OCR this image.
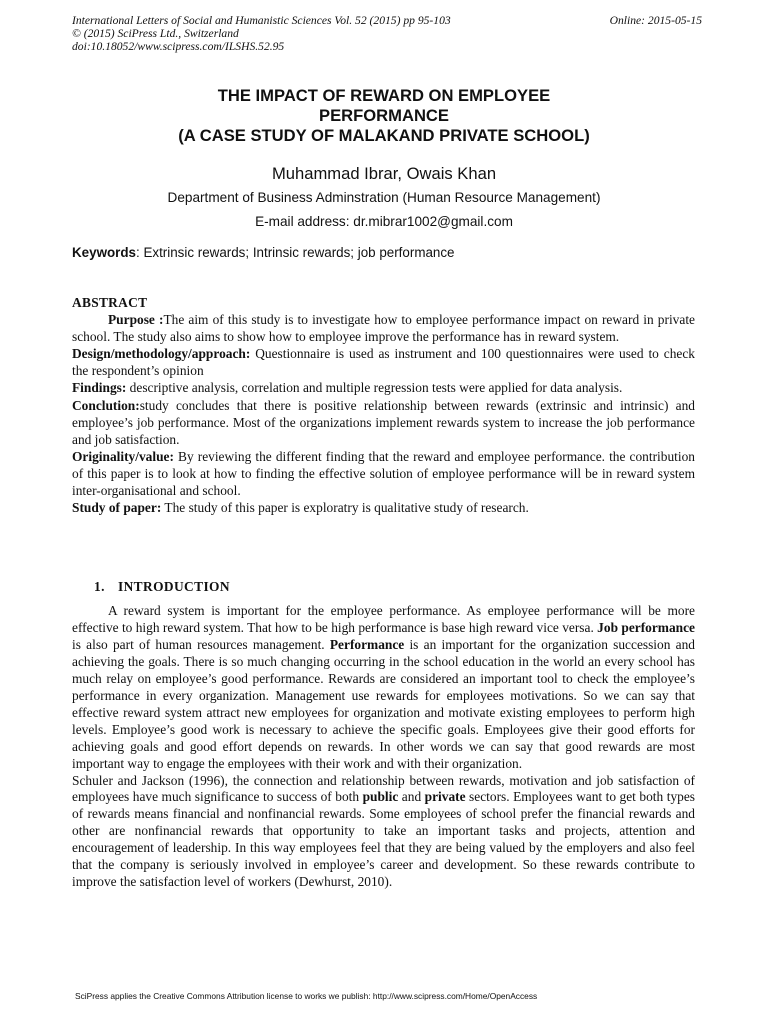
International Letters of Social and Humanistic Sciences Vol. 52 (2015) pp 95-103	Online: 2015-05-15
© (2015) SciPress Ltd., Switzerland
doi:10.18052/www.scipress.com/ILSHS.52.95
THE IMPACT OF REWARD ON EMPLOYEE
PERFORMANCE
(A CASE STUDY OF MALAKAND PRIVATE SCHOOL)
Muhammad Ibrar, Owais Khan
Department of Business Adminstration (Human Resource Management)
E-mail address: dr.mibrar1002@gmail.com
Keywords: Extrinsic rewards; Intrinsic rewards; job performance

ABSTRACT

Purpose :The aim of this study is to investigate how to employee performance impact on reward in private school. The study also aims to show how to employee improve the performance has in reward system.

Design/methodology/approach: Questionnaire is used as instrument and 100 questionnaires were used to check the respondent’s opinion

Findings: descriptive analysis, correlation and multiple regression tests were applied for data analysis.

Conclution:study concludes that there is positive relationship between rewards (extrinsic and intrinsic) and employee’s job performance. Most of the organizations implement rewards system to increase the job performance and job satisfaction.

Originality/value: By reviewing the different finding that the reward and employee performance. the contribution of this paper is to look at how to finding the effective solution of employee performance will be in reward system inter-organisational and school.

Study of paper: The study of this paper is exploratry is qualitative study of research.

1. INTRODUCTION

A reward system is important for the employee performance. As employee performance will be more effective to high reward system. That how to be high performance is base high reward vice versa. Job performance is also part of human resources management. Performance is an important for the organization succession and achieving the goals. There is so much changing occurring in the school education in the world an every school has much relay on employee’s good performance. Rewards are considered an important tool to check the employee’s performance in every organization. Management use rewards for employees motivations. So we can say that effective reward system attract new employees for organization and motivate existing employees to perform high levels. Employee’s good work is necessary to achieve the specific goals. Employees give their good efforts for achieving goals and good effort depends on rewards. In other words we can say that good rewards are most important way to engage the employees with their work and with their organization.

Schuler and Jackson (1996), the connection and relationship between rewards, motivation and job satisfaction of employees have much significance to success of both public and private sectors. Employees want to get both types of rewards means financial and nonfinancial rewards. Some employees of school prefer the financial rewards and other are nonfinancial rewards that opportunity to take an important tasks and projects, attention and encouragement of leadership. In this way employees feel that they are being valued by the employers and also feel that the company is seriously involved in employee’s career and development. So these rewards contribute to improve the satisfaction level of workers (Dewhurst, 2010).

SciPress applies the Creative Commons Attribution license to works we publish: http://www.scipress.com/Home/OpenAccess
